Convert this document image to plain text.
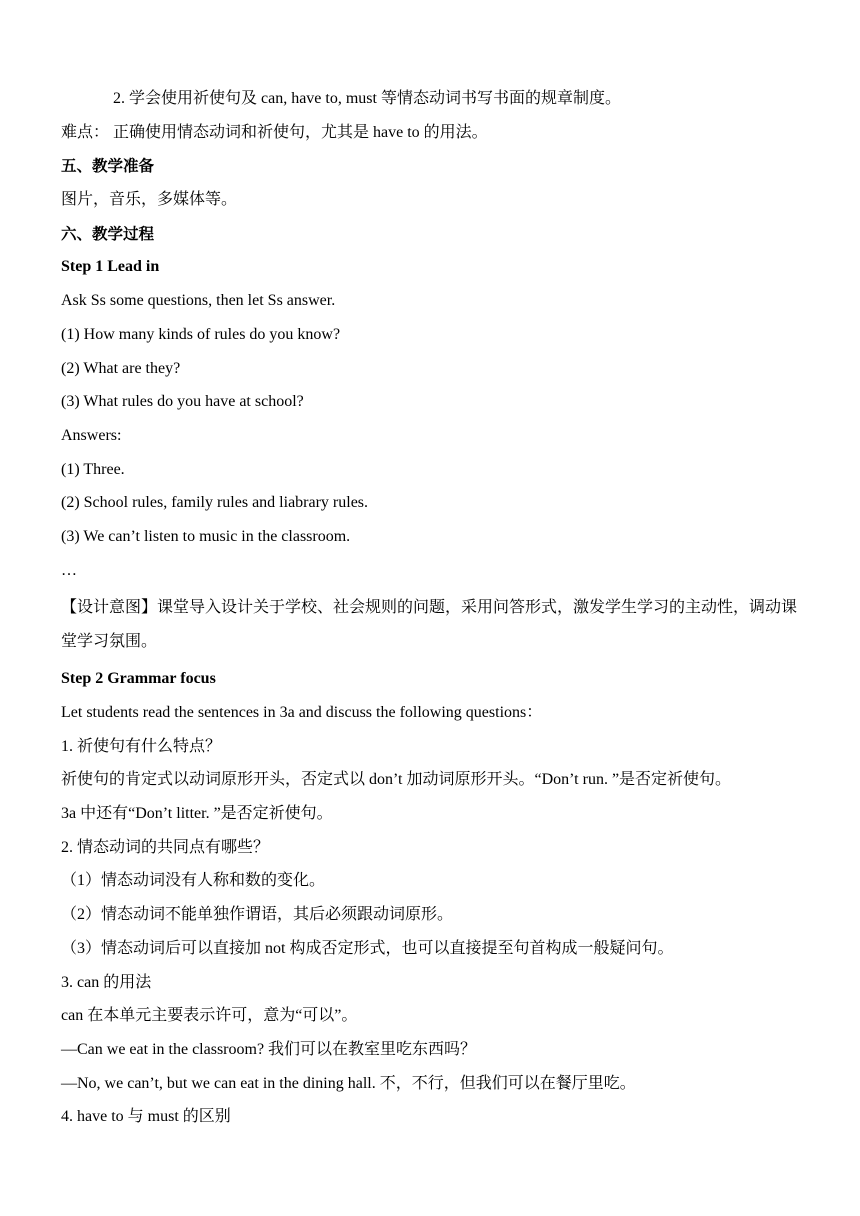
2. 学会使用祈使句及 can, have to, must 等情态动词书写书面的规章制度。
难点： 正确使用情态动词和祈使句，尤其是 have to 的用法。
五、教学准备
图片，音乐，多媒体等。
六、教学过程
Step 1 Lead in
Ask Ss some questions, then let Ss answer.
(1) How many kinds of rules do you know?
(2) What are they?
(3) What rules do you have at school?
Answers:
(1) Three.
(2) School rules, family rules and liabrary rules.
(3) We can’t listen to music in the classroom.
…
【设计意图】课堂导入设计关于学校、社会规则的问题，采用问答形式，激发学生学习的主动性，调动课堂学习氛围。
Step 2 Grammar focus
Let students read the sentences in 3a and discuss the following questions：
1. 祈使句有什么特点？
祈使句的肯定式以动词原形开头，否定式以 don’t 加动词原形开头。“Don’t run. ”是否定祈使句。
3a 中还有“Don’t litter. ”是否定祈使句。
2. 情态动词的共同点有哪些？
（1）情态动词没有人称和数的变化。
（2）情态动词不能单独作谓语，其后必须跟动词原形。
（3）情态动词后可以直接加 not 构成否定形式，也可以直接提至句首构成一般疑问句。
3. can 的用法
can 在本单元主要表示许可，意为“可以”。
—Can we eat in the classroom? 我们可以在教室里吃东西吗？
—No, we can’t, but we can eat in the dining hall. 不，不行，但我们可以在餐厅里吃。
4. have to 与 must 的区别
